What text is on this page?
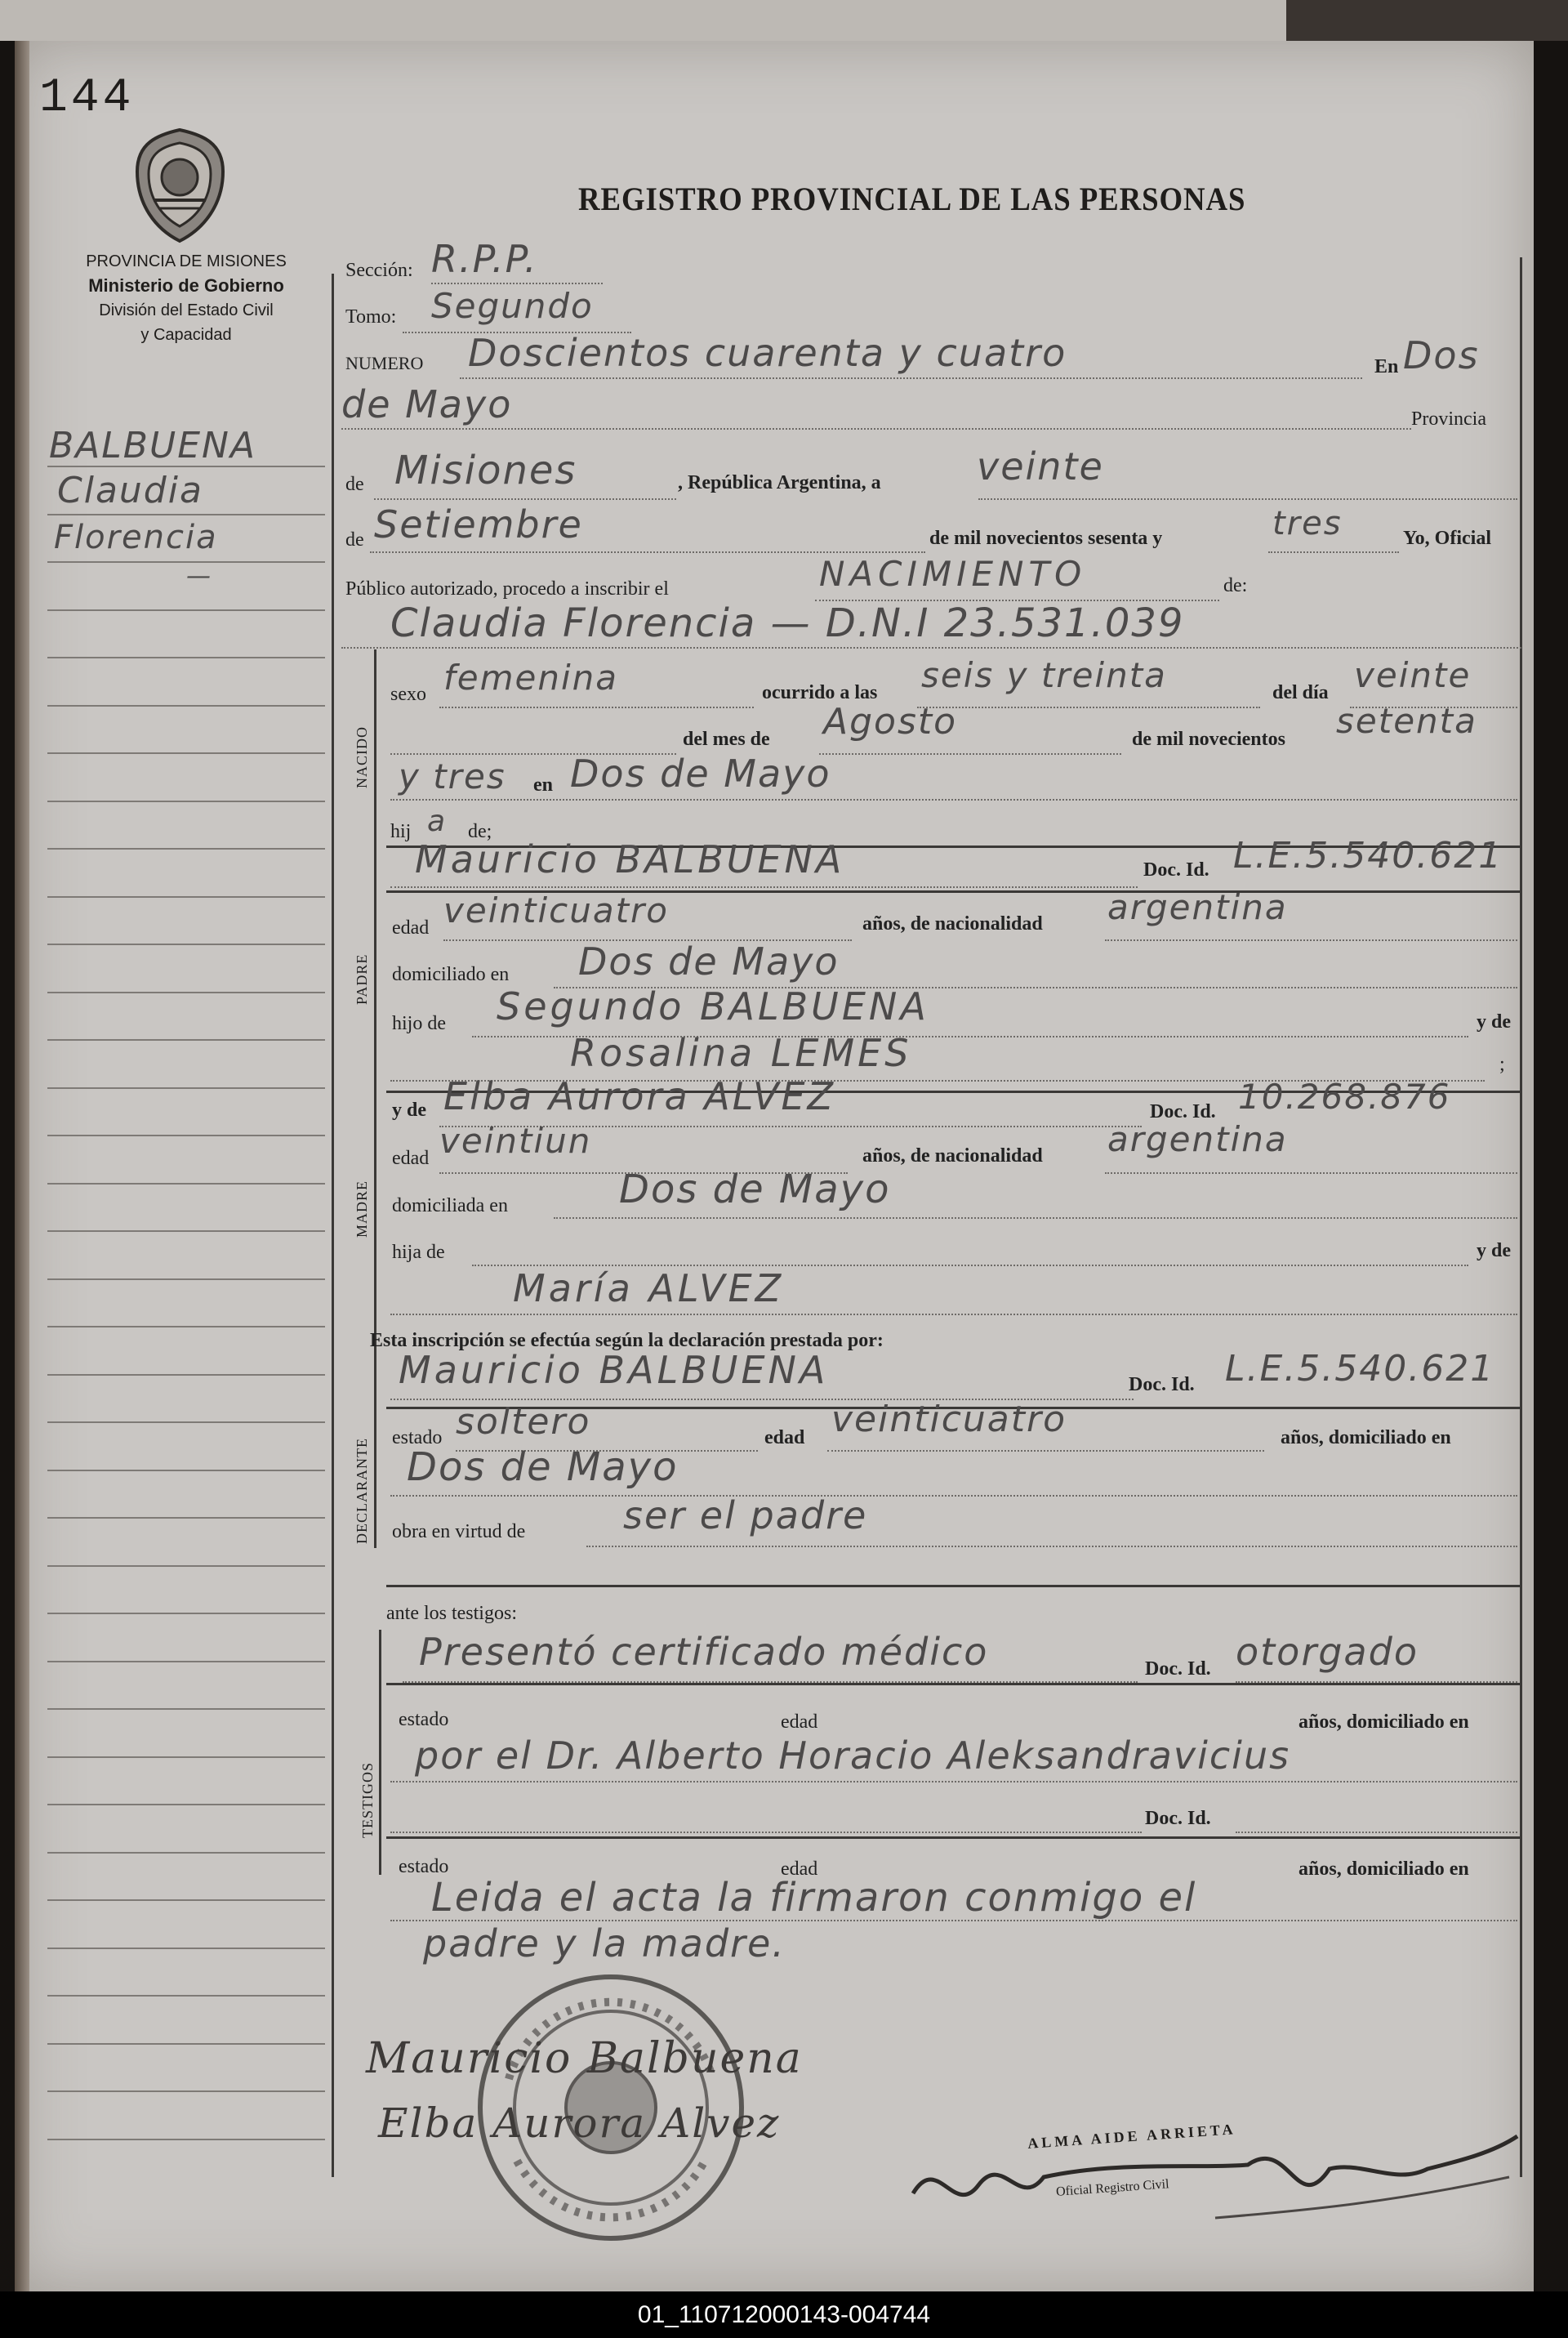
144
PROVINCIA DE MISIONES
Ministerio de Gobierno
División del Estado Civil
y Capacidad
REGISTRO PROVINCIAL DE LAS PERSONAS
BALBUENA
Claudia
Florencia
—
NACIDO
PADRE
MADRE
DECLARANTE
TESTIGOS
Sección: R.P.P.
Tomo: Segundo
NUMERO Doscientos cuarenta y cuatro	En Dos
de Mayo	Provincia
de Misiones	, República Argentina, a	veinte
de Setiembre	de mil novecientos sesenta y	tres	Yo, Oficial
Público autorizado, procedo a inscribir el	NACIMIENTO	de:
Claudia Florencia — D.N.I 23.531.039
sexo femenina	ocurrido a las seis y treinta	del día veinte
del mes de Agosto	de mil novecientos setenta
y tres en Dos de Mayo
hij a de;
Mauricio BALBUENA	Doc. Id. L.E.5.540.621
edad veinticuatro	años, de nacionalidad argentina
domiciliado en Dos de Mayo
hijo de Segundo BALBUENA	y de
Rosalina LEMES	;
y de Elba Aurora ALVEZ	Doc. Id. 10.268.876
edad veintiun	años, de nacionalidad argentina
domiciliada en	Dos de Mayo
hija de	y de
María ALVEZ
Esta inscripción se efectúa según la declaración prestada por:
Mauricio BALBUENA	Doc. Id. L.E.5.540.621
estado soltero	edad veinticuatro	años, domiciliado en
Dos de Mayo
obra en virtud de	ser el padre
ante los testigos:
Presentó certificado médico	Doc. Id. otorgado
estado	edad	años, domiciliado en
por el Dr. Alberto Horacio Aleksandravicius
Doc. Id.
estado	edad	años, domiciliado en
Leida el acta la firmaron conmigo el
padre y la madre.
Mauricio Balbuena
Elba Aurora Alvez	ALMA AIDE ARRIETA
Oficial Registro Civil
01_110712000143-004744
